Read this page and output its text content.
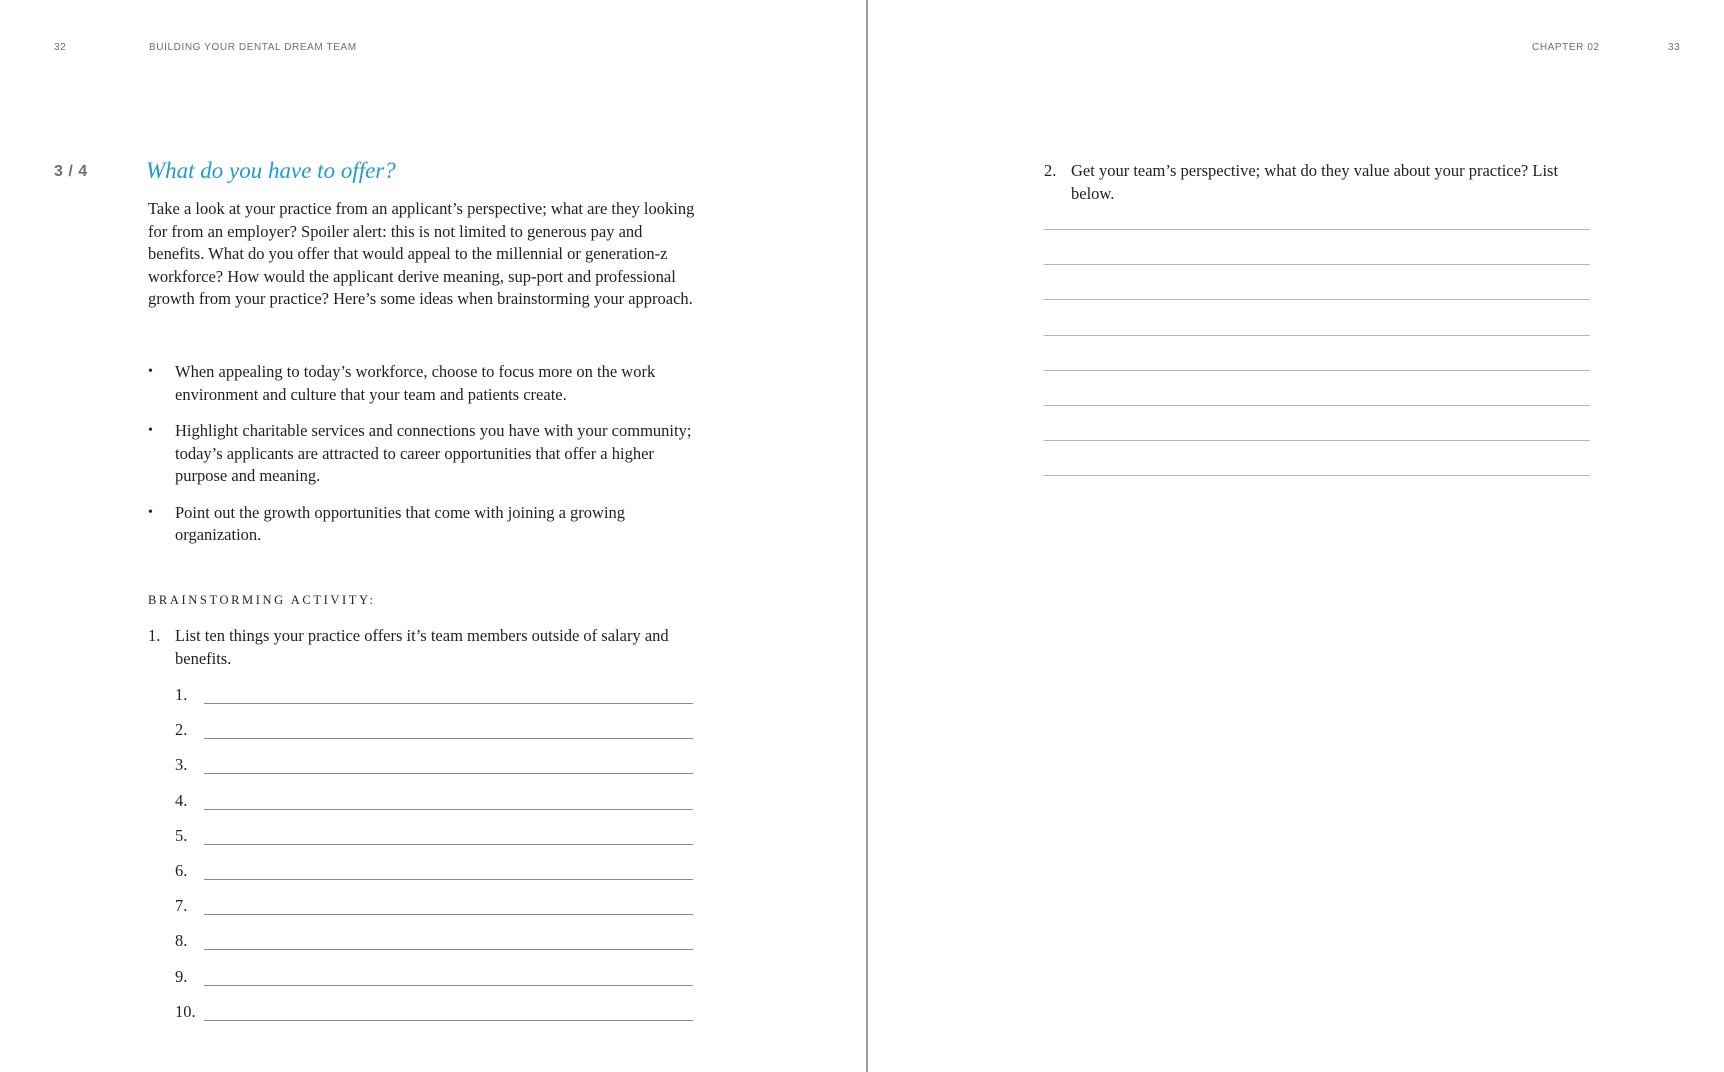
32	BUILDING YOUR DENTAL DREAM TEAM
3 / 4	What do you have to offer?

Take a look at your practice from an applicant’s perspective; what are they looking for from an employer? Spoiler alert: this is not limited to generous pay and benefits. What do you offer that would appeal to the millennial or generation-z workforce? How would the applicant derive meaning, sup-port and professional growth from your practice? Here’s some ideas when brainstorming your approach.

• When appealing to today’s workforce, choose to focus more on the work environment and culture that your team and patients create.
• Highlight charitable services and connections you have with your community; today’s applicants are attracted to career opportunities that offer a higher purpose and meaning.
• Point out the growth opportunities that come with joining a growing organization.
BRAINSTORMING ACTIVITY:
1. List ten things your practice offers it’s team members outside of salary and benefits.
1.
2.
3.
4.
5.
6.
7.
8.
9.
10.
CHAPTER 02	33
2. Get your team’s perspective; what do they value about your practice? List below.
